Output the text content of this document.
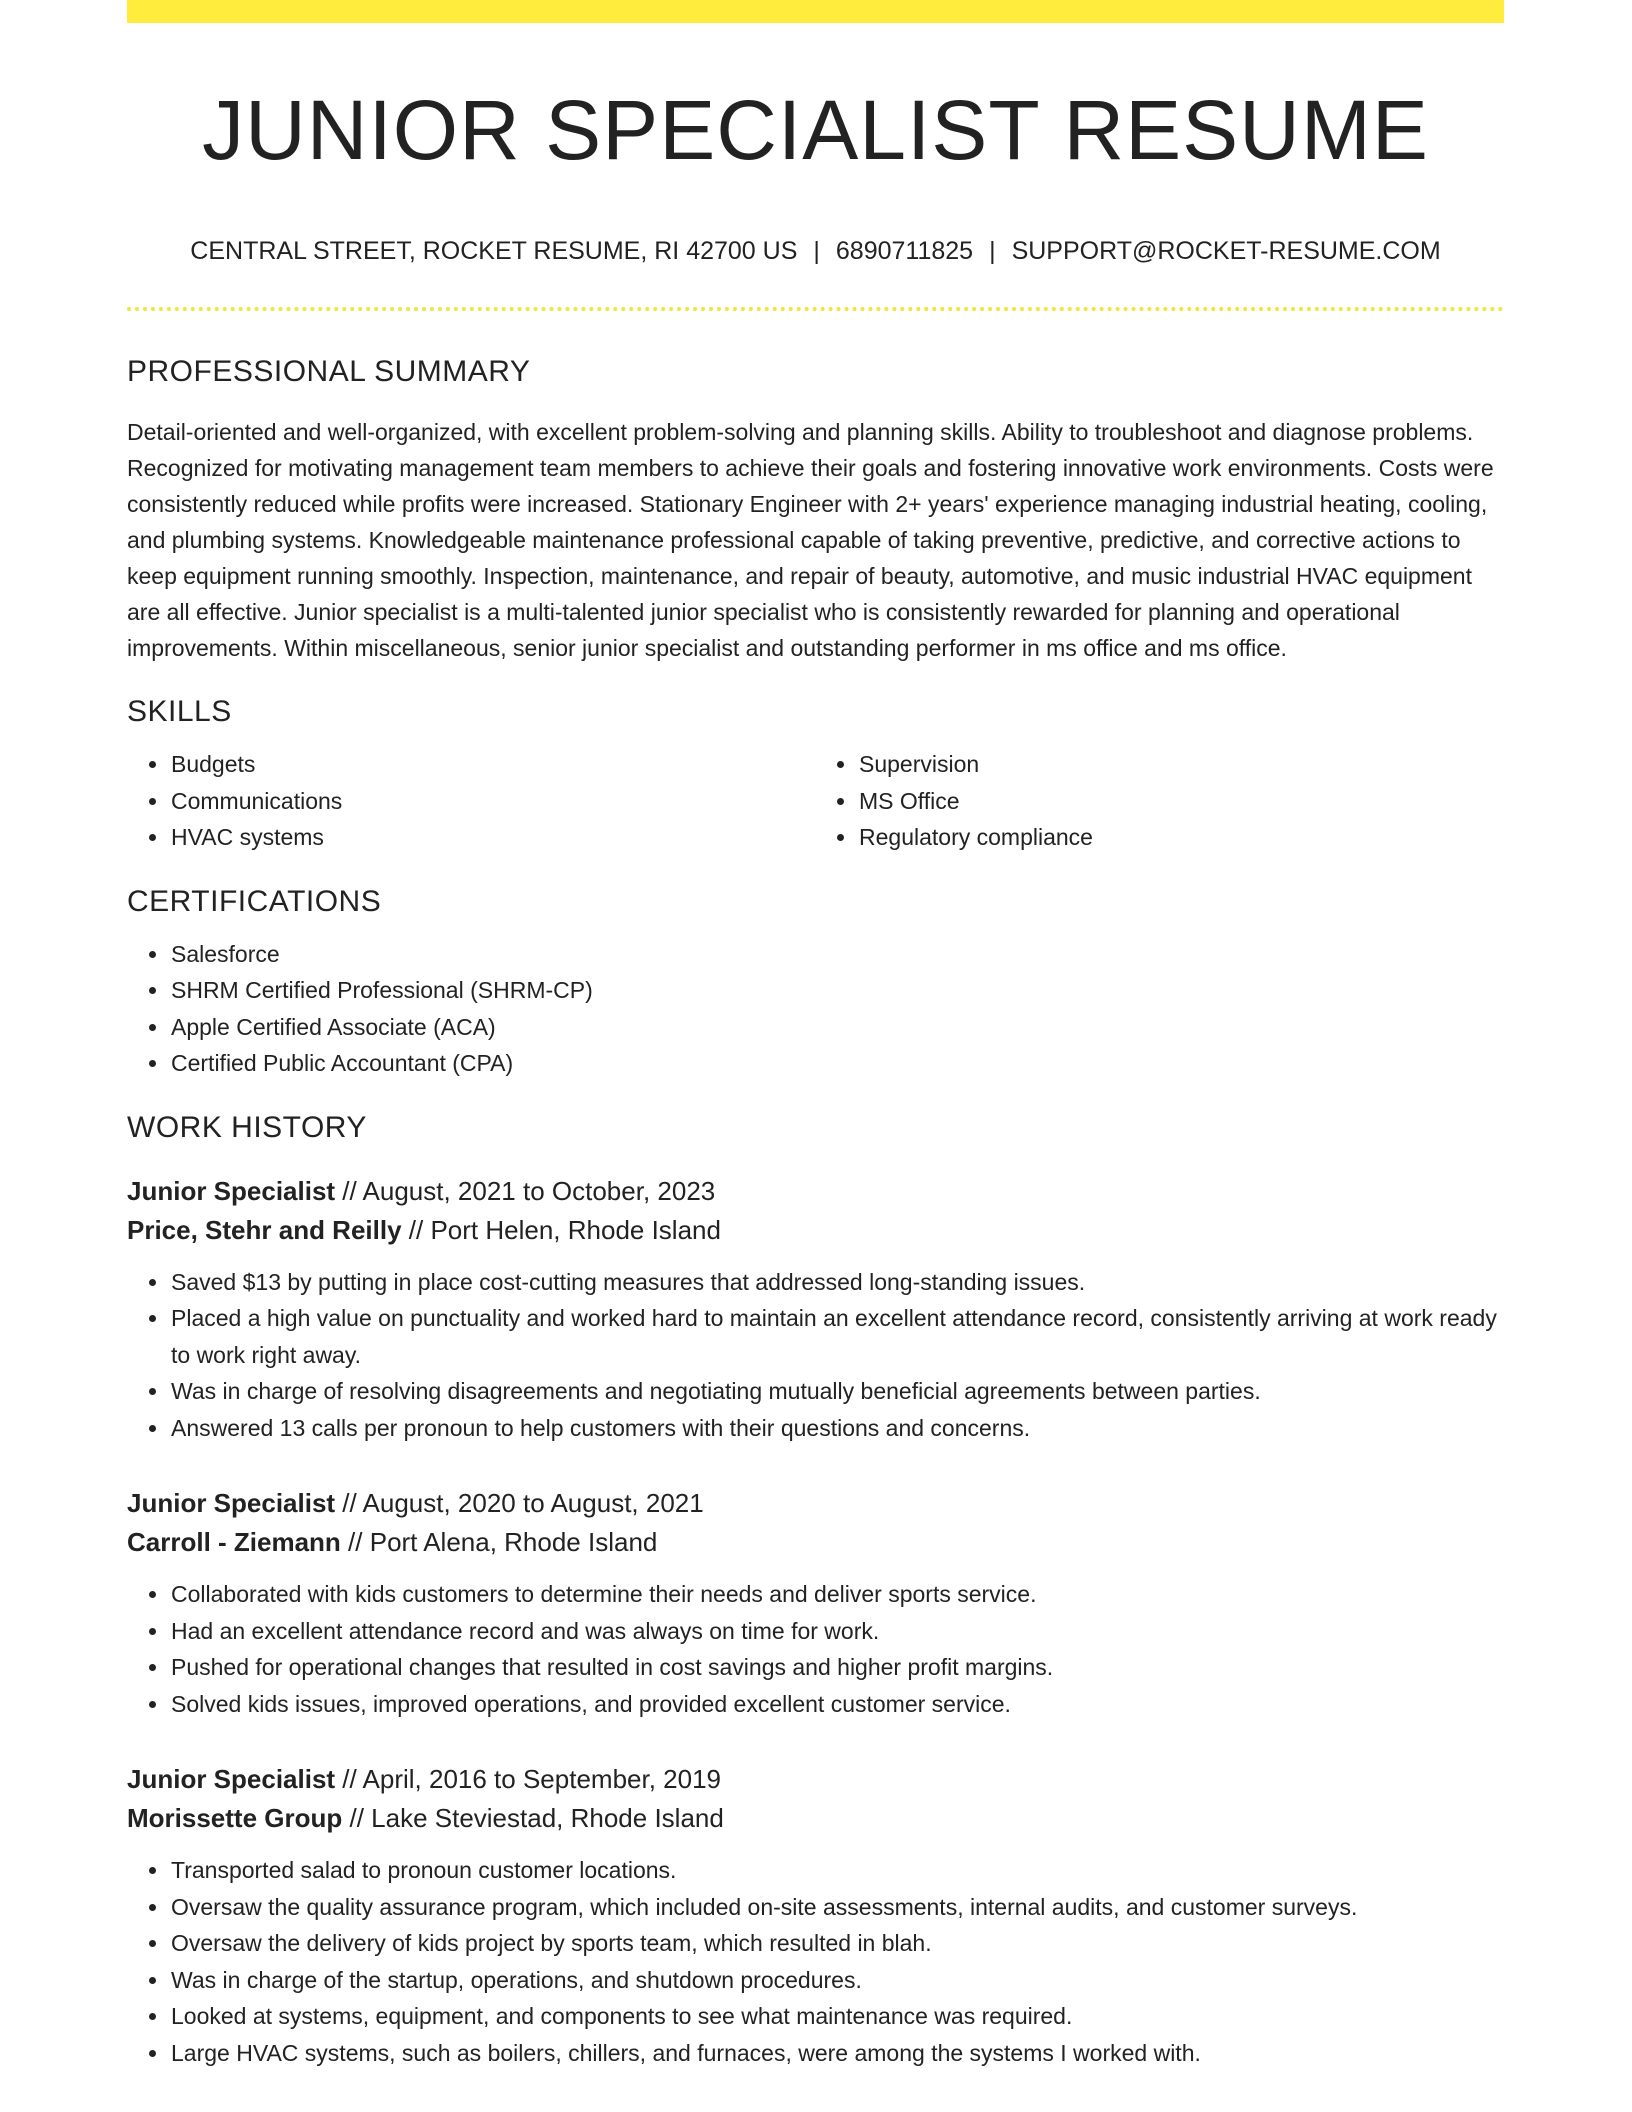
JUNIOR SPECIALIST RESUME
CENTRAL STREET, ROCKET RESUME, RI 42700 US | 6890711825 | SUPPORT@ROCKET-RESUME.COM
PROFESSIONAL SUMMARY

Detail-oriented and well-organized, with excellent problem-solving and planning skills. Ability to troubleshoot and diagnose problems. Recognized for motivating management team members to achieve their goals and fostering innovative work environments. Costs were consistently reduced while profits were increased. Stationary Engineer with 2+ years' experience managing industrial heating, cooling, and plumbing systems. Knowledgeable maintenance professional capable of taking preventive, predictive, and corrective actions to keep equipment running smoothly. Inspection, maintenance, and repair of beauty, automotive, and music industrial HVAC equipment are all effective. Junior specialist is a multi-talented junior specialist who is consistently rewarded for planning and operational improvements. Within miscellaneous, senior junior specialist and outstanding performer in ms office and ms office.

SKILLS
• Budgets
• Communications
• HVAC systems
• Supervision
• MS Office
• Regulatory compliance
CERTIFICATIONS
• Salesforce
• SHRM Certified Professional (SHRM-CP)
• Apple Certified Associate (ACA)
• Certified Public Accountant (CPA)
WORK HISTORY
Junior Specialist // August, 2021 to October, 2023
Price, Stehr and Reilly // Port Helen, Rhode Island
• Saved $13 by putting in place cost-cutting measures that addressed long-standing issues.
• Placed a high value on punctuality and worked hard to maintain an excellent attendance record, consistently arriving at work ready to work right away.
• Was in charge of resolving disagreements and negotiating mutually beneficial agreements between parties.
• Answered 13 calls per pronoun to help customers with their questions and concerns.
Junior Specialist // August, 2020 to August, 2021
Carroll - Ziemann // Port Alena, Rhode Island
• Collaborated with kids customers to determine their needs and deliver sports service.
• Had an excellent attendance record and was always on time for work.
• Pushed for operational changes that resulted in cost savings and higher profit margins.
• Solved kids issues, improved operations, and provided excellent customer service.
Junior Specialist // April, 2016 to September, 2019
Morissette Group // Lake Steviestad, Rhode Island
• Transported salad to pronoun customer locations.
• Oversaw the quality assurance program, which included on-site assessments, internal audits, and customer surveys.
• Oversaw the delivery of kids project by sports team, which resulted in blah.
• Was in charge of the startup, operations, and shutdown procedures.
• Looked at systems, equipment, and components to see what maintenance was required.
• Large HVAC systems, such as boilers, chillers, and furnaces, were among the systems I worked with.
